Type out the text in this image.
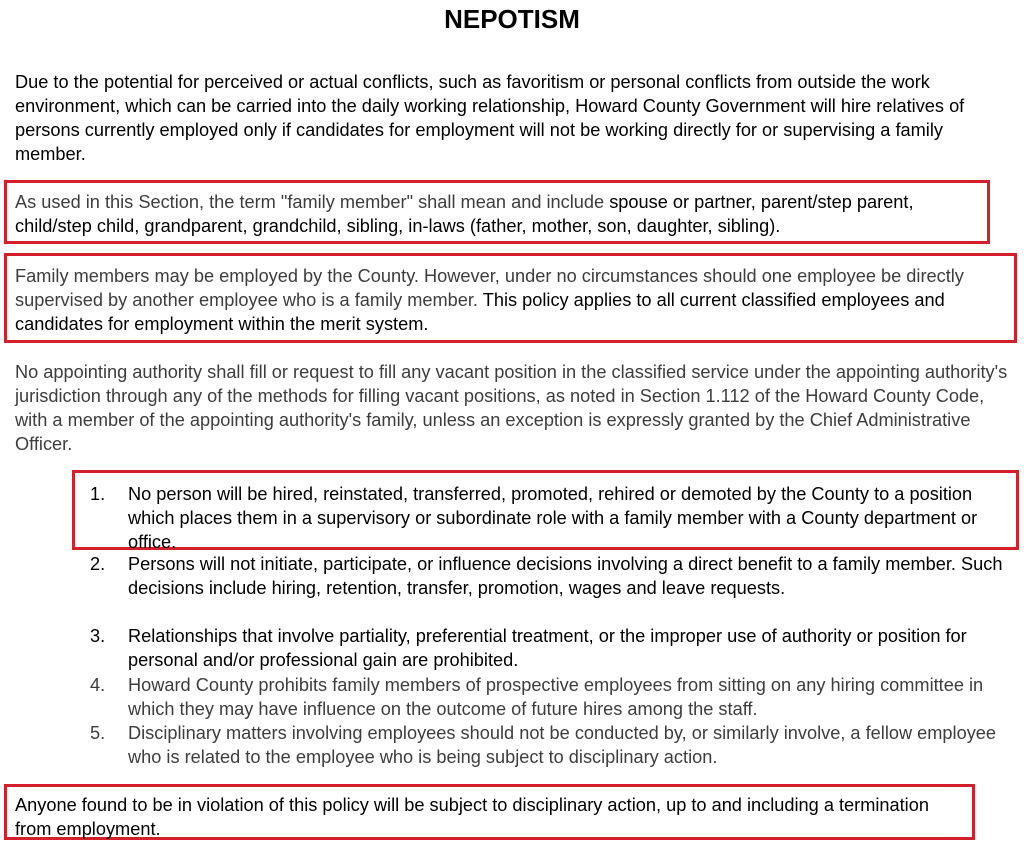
NEPOTISM

Due to the potential for perceived or actual conflicts, such as favoritism or personal conflicts from outside the work environment, which can be carried into the daily working relationship, Howard County Government will hire relatives of persons currently employed only if candidates for employment will not be working directly for or supervising a family member.

As used in this Section, the term "family member" shall mean and include spouse or partner, parent/step parent, child/step child, grandparent, grandchild, sibling, in-laws (father, mother, son, daughter, sibling).

Family members may be employed by the County. However, under no circumstances should one employee be directly supervised by another employee who is a family member. This policy applies to all current classified employees and candidates for employment within the merit system.

No appointing authority shall fill or request to fill any vacant position in the classified service under the appointing authority's jurisdiction through any of the methods for filling vacant positions, as noted in Section 1.112 of the Howard County Code, with a member of the appointing authority's family, unless an exception is expressly granted by the Chief Administrative Officer.

1. No person will be hired, reinstated, transferred, promoted, rehired or demoted by the County to a position which places them in a supervisory or subordinate role with a family member with a County department or office.
2. Persons will not initiate, participate, or influence decisions involving a direct benefit to a family member. Such decisions include hiring, retention, transfer, promotion, wages and leave requests.
3. Relationships that involve partiality, preferential treatment, or the improper use of authority or position for personal and/or professional gain are prohibited.
4. Howard County prohibits family members of prospective employees from sitting on any hiring committee in which they may have influence on the outcome of future hires among the staff.
5. Disciplinary matters involving employees should not be conducted by, or similarly involve, a fellow employee who is related to the employee who is being subject to disciplinary action.

Anyone found to be in violation of this policy will be subject to disciplinary action, up to and including a termination from employment.
